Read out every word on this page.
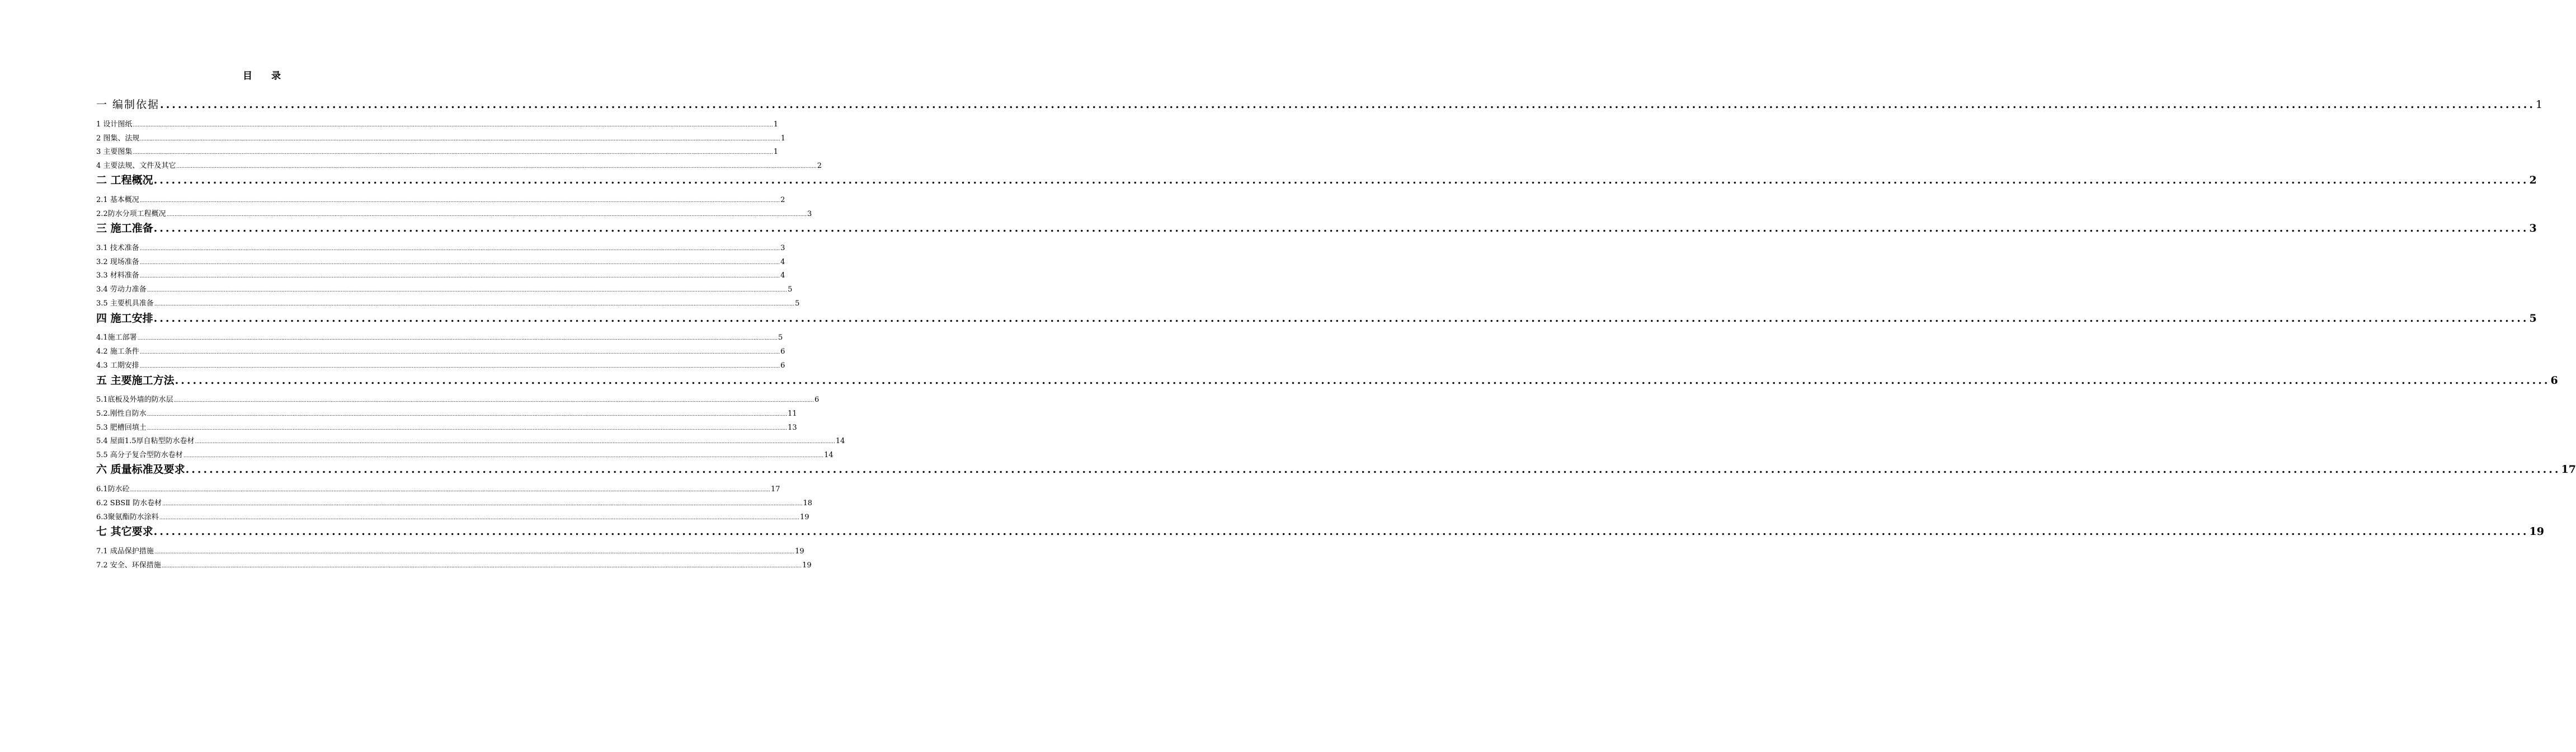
目 录
一 编制依据 ................................................................................................................................................................................................................................................................................................................................................................................................................ 1
1 设计图纸 ................................................................................................................................................................................................................................................................................................................................................................................................................ 1
2 图集、法规 ................................................................................................................................................................................................................................................................................................................................................................................................................ 1
3 主要图集 ................................................................................................................................................................................................................................................................................................................................................................................................................ 1
4 主要法规、文件及其它 ................................................................................................................................................................................................................................................................................................................................................................................................................ 2
二 工程概况 ................................................................................................................................................................................................................................................................................................................................................................................................................ 2
2.1 基本概况 ................................................................................................................................................................................................................................................................................................................................................................................................................ 2
2.2防水分项工程概况 ................................................................................................................................................................................................................................................................................................................................................................................................................ 3
三 施工准备 ................................................................................................................................................................................................................................................................................................................................................................................................................ 3
3.1 技术准备 ................................................................................................................................................................................................................................................................................................................................................................................................................ 3
3.2 现场准备 ................................................................................................................................................................................................................................................................................................................................................................................................................ 4
3.3 材料准备 ................................................................................................................................................................................................................................................................................................................................................................................................................ 4
3.4 劳动力准备 ................................................................................................................................................................................................................................................................................................................................................................................................................ 5
3.5 主要机具准备 ................................................................................................................................................................................................................................................................................................................................................................................................................ 5
四 施工安排 ................................................................................................................................................................................................................................................................................................................................................................................................................ 5
4.1施工部署 ................................................................................................................................................................................................................................................................................................................................................................................................................ 5
4.2 施工条件 ................................................................................................................................................................................................................................................................................................................................................................................................................ 6
4.3 工期安排 ................................................................................................................................................................................................................................................................................................................................................................................................................ 6
五 主要施工方法 ................................................................................................................................................................................................................................................................................................................................................................................................................ 6
5.1底板及外墙的防水层 ................................................................................................................................................................................................................................................................................................................................................................................................................ 6
5.2.刚性自防水 ................................................................................................................................................................................................................................................................................................................................................................................................................ 11
5.3 肥槽回填土 ................................................................................................................................................................................................................................................................................................................................................................................................................ 13
5.4 屋面1.5厚自粘型防水卷材 ................................................................................................................................................................................................................................................................................................................................................................................................................ 14
5.5 高分子复合型防水卷材 ................................................................................................................................................................................................................................................................................................................................................................................................................ 14
六 质量标准及要求 ................................................................................................................................................................................................................................................................................................................................................................................................................ 17
6.1防水砼 ................................................................................................................................................................................................................................................................................................................................................................................................................ 17
6.2 SBSⅡ 防水卷材 ................................................................................................................................................................................................................................................................................................................................................................................................................ 18
6.3聚氨酯防水涂料 ................................................................................................................................................................................................................................................................................................................................................................................................................ 19
七 其它要求 ................................................................................................................................................................................................................................................................................................................................................................................................................ 19
7.1 成品保护措施 ................................................................................................................................................................................................................................................................................................................................................................................................................ 19
7.2 安全、环保措施 ................................................................................................................................................................................................................................................................................................................................................................................................................ 19
